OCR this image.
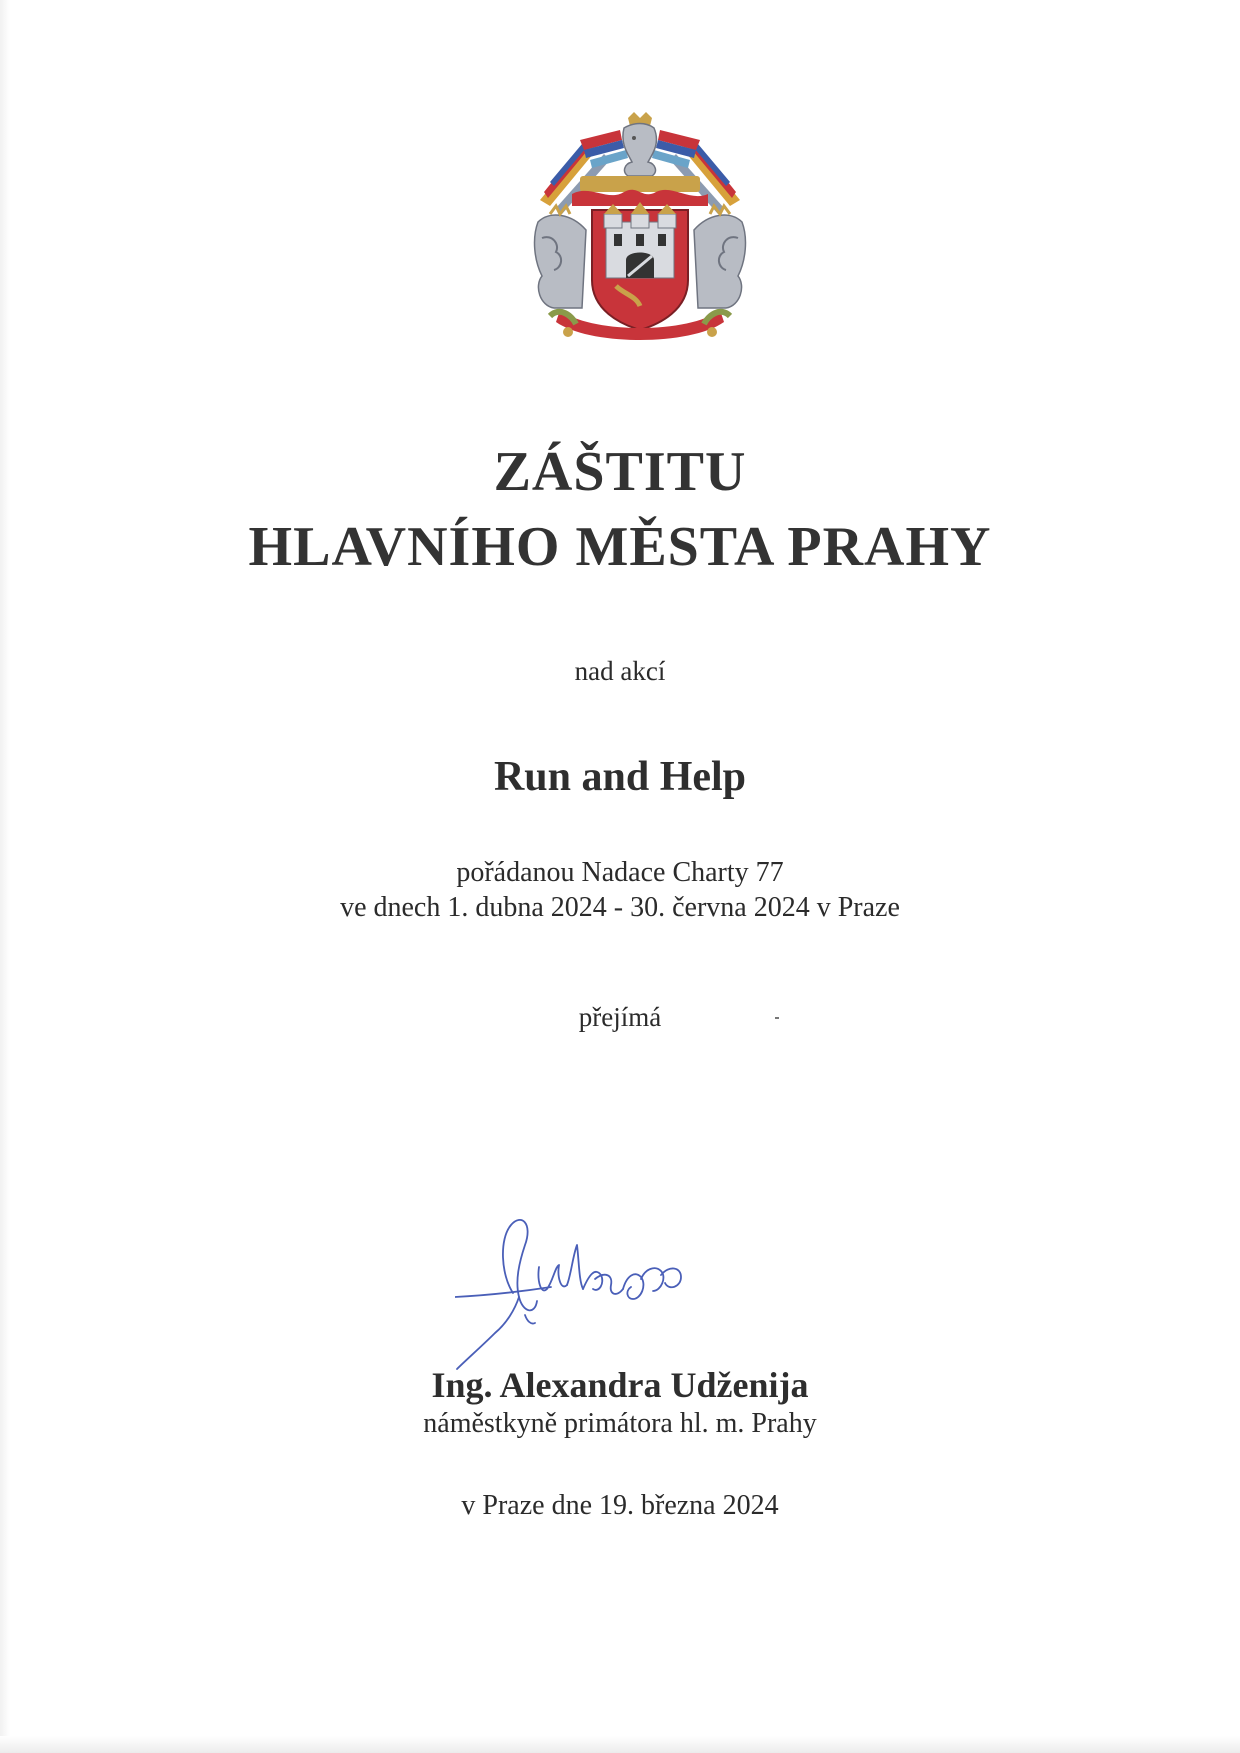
ZÁŠTITU
HLAVNÍHO MĚSTA PRAHY
nad akcí
Run and Help
pořádanou Nadace Charty 77
ve dnech 1. dubna 2024 - 30. června 2024 v Praze
přejímá
Ing. Alexandra Udženija
náměstkyně primátora hl. m. Prahy
v Praze dne 19. března 2024
